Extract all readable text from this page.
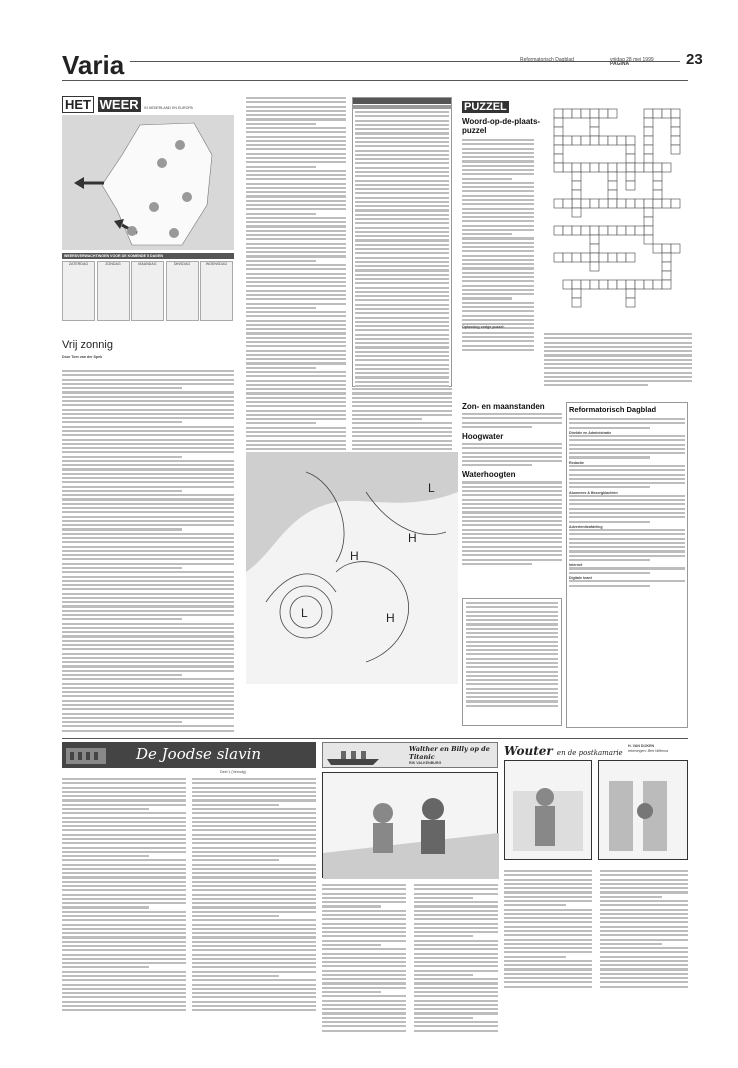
Varia	Reformatorisch Dagblad	vrijdag 28 mei 1999 PAGINA	23
HET WEER IN NEDERLAND EN EUROPA
WEERSVERWACHTINGEN VOOR DE KOMENDE 5 DAGEN
ZATERDAG	ZONDAG	MAANDAG	DINSDAG	WOENSDAG
Vrij zonnig
Door Tom van der Spek

PUZZEL
Woord-op-de-plaats-puzzel
Oplossing vorige puzzel:
L
H
H
L
H
Zon- en maanstanden
Hoogwater
Waterhoogten
Reformatorisch Dagblad
Direktie en Administratie
Redactie
Abonnees & Bezorgklachten
Advertentieafdeling
Internet
Digitale krant
De Joodse slavin
Deel 1 (Vervolg)
Walther en Billy op de Titanic
RIK VALKENBURG
Wouter en de postkamarie
H. VAN DIJKEN
tekeningen: Bert Wiltema
